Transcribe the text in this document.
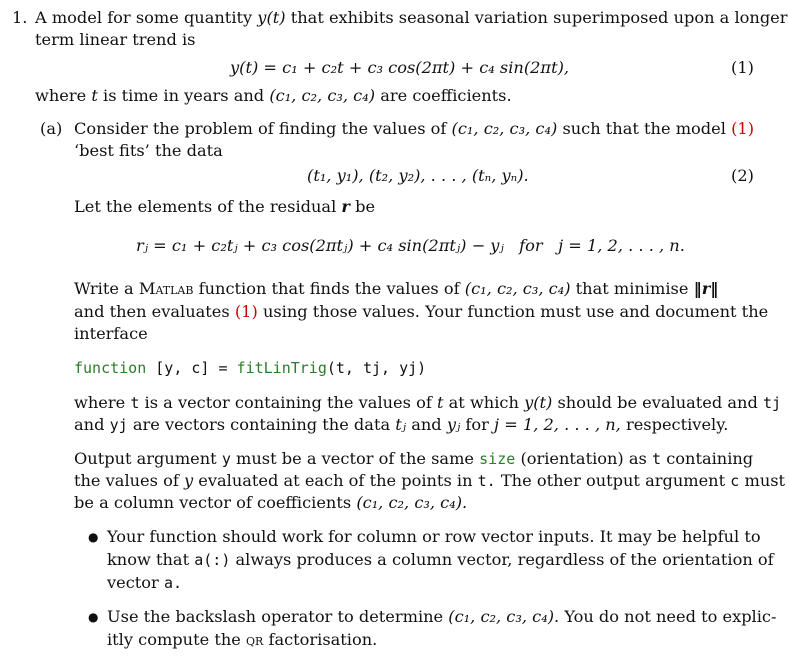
1. A model for some quantity y(t) that exhibits seasonal variation superimposed upon a longer
term linear trend is
y(t) = c₁ + c₂t + c₃ cos(2πt) + c₄ sin(2πt),	(1)
where t is time in years and (c₁, c₂, c₃, c₄) are coefficients.
(a) Consider the problem of finding the values of (c₁, c₂, c₃, c₄) such that the model (1)
‘best fits’ the data
(t₁, y₁), (t₂, y₂), . . . , (tₙ, yₙ).	(2)
Let the elements of the residual r be
rⱼ = c₁ + c₂tⱼ + c₃ cos(2πtⱼ) + c₄ sin(2πtⱼ) − yⱼ   for   j = 1, 2, . . . , n.
Write a Matlab function that finds the values of (c₁, c₂, c₃, c₄) that minimise ‖r‖
and then evaluates (1) using those values. Your function must use and document the
interface
function [y, c] = fitLinTrig(t, tj, yj)
where t is a vector containing the values of t at which y(t) should be evaluated and tj
and yj are vectors containing the data tⱼ and yⱼ for j = 1, 2, . . . , n, respectively.
Output argument y must be a vector of the same size (orientation) as t containing
the values of y evaluated at each of the points in t. The other output argument c must
be a column vector of coefficients (c₁, c₂, c₃, c₄).
● Your function should work for column or row vector inputs. It may be helpful to
know that a(:) always produces a column vector, regardless of the orientation of
vector a.
● Use the backslash operator to determine (c₁, c₂, c₃, c₄). You do not need to explic-
itly compute the qr factorisation.
